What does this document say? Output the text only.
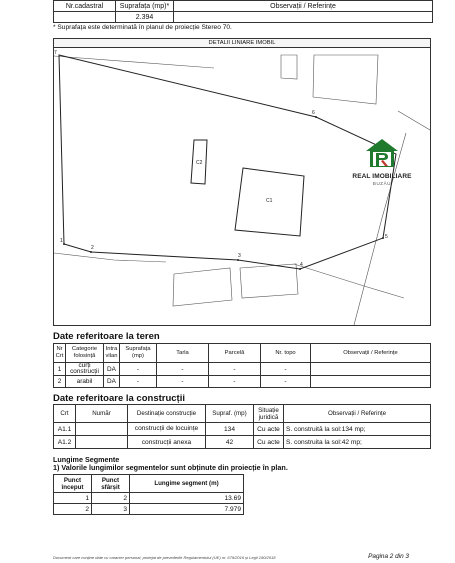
Nr.cadastral	Suprafața (mp)*	Observații / Referințe
	2.394	
* Suprafața este determinată în planul de proiecție Stereo 70.
DETALII LINIARE IMOBIL
C1
C2
1
2
3
4
5
6
7
REAL IMOBILIARE
BUZĂU
Date referitoare la teren
Nr Crt	Categorie folosință	Intra vilan	Suprafața (mp)	Tarla	Parcelă	Nr. topo	Observații / Referințe
1	curți construcții	DA	-	-	-	-	
2	arabil	DA	-	-	-	-	
Date referitoare la construcții
Crt	Număr	Destinație construcție	Supraf. (mp)	Situație juridică	Observații / Referințe
A1.1		construcții de locuințe	134	Cu acte	S. construită la sol:134 mp;
A1.2		construcții anexa	42	Cu acte	S. construita la sol:42 mp;
Lungime Segmente
1) Valorile lungimilor segmentelor sunt obținute din proiecție în plan.
Punct început	Punct sfârșit	Lungime segment (m)
1	2	13.69
2	3	7.979
Document care conține date cu caracter personal, protejat de prevederile Regulamentului (UE) nr. 679/2016 și Legii 190/2018	Pagina 2 din 3
